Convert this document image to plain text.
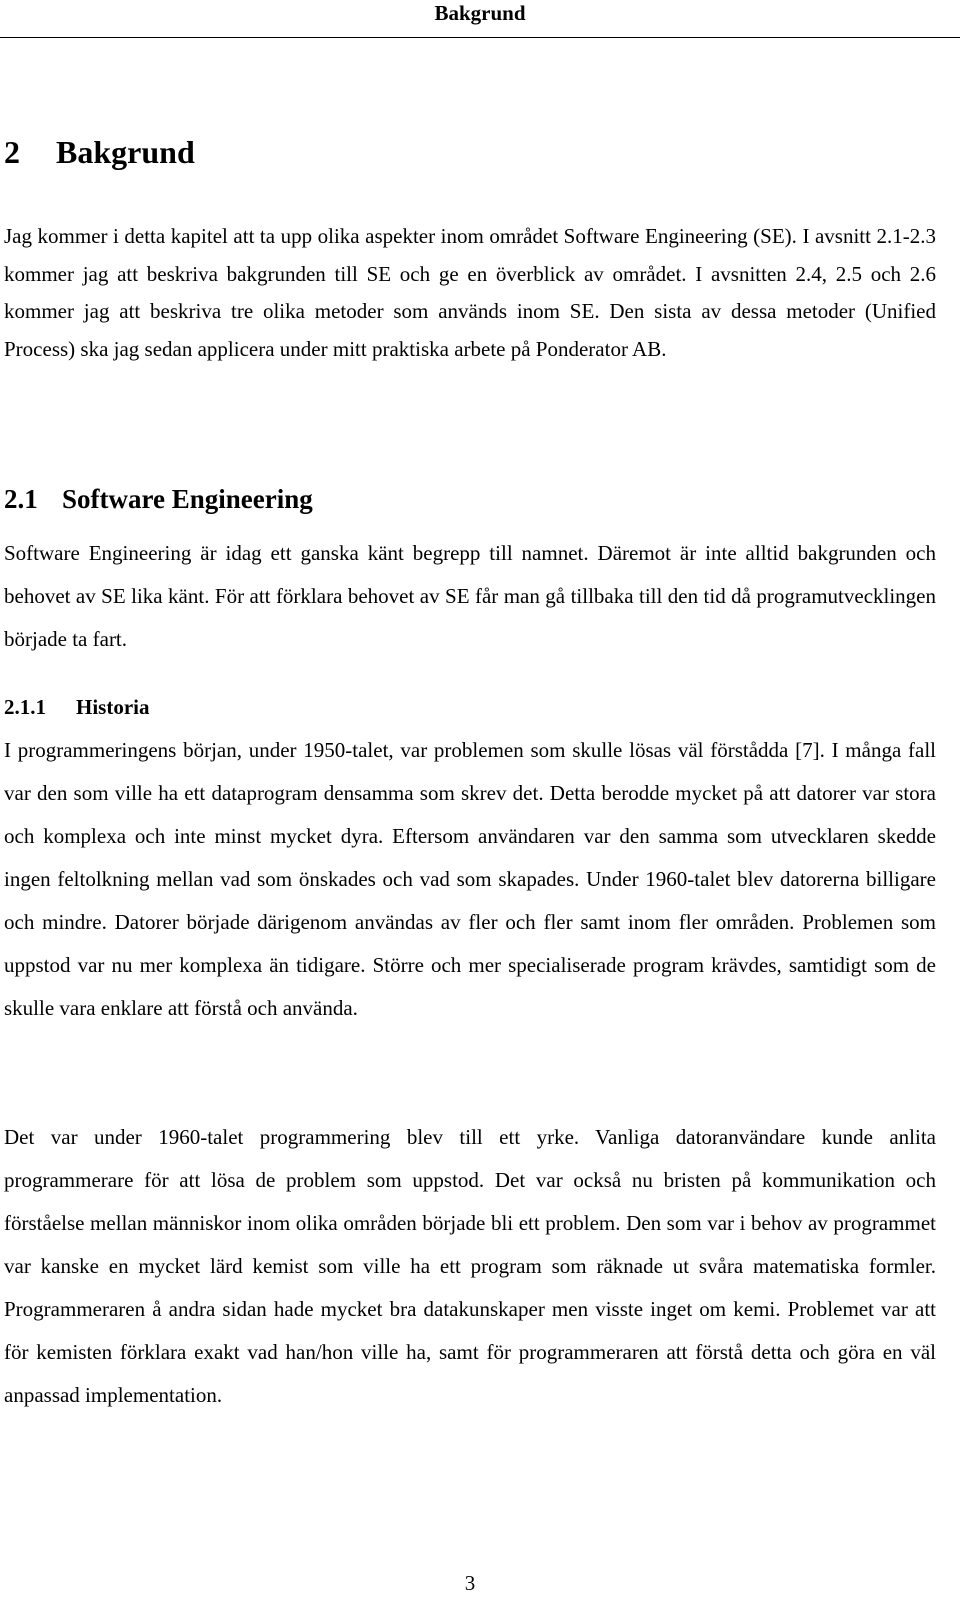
Bakgrund
2 Bakgrund

Jag kommer i detta kapitel att ta upp olika aspekter inom området Software Engineering (SE). I avsnitt 2.1-2.3 kommer jag att beskriva bakgrunden till SE och ge en överblick av området. I avsnitten 2.4, 2.5 och 2.6 kommer jag att beskriva tre olika metoder som används inom SE. Den sista av dessa metoder (Unified Process) ska jag sedan applicera under mitt praktiska arbete på Ponderator AB.

2.1 Software Engineering

Software Engineering är idag ett ganska känt begrepp till namnet. Däremot är inte alltid bakgrunden och behovet av SE lika känt. För att förklara behovet av SE får man gå tillbaka till den tid då programutvecklingen började ta fart.

2.1.1 Historia

I programmeringens början, under 1950-talet, var problemen som skulle lösas väl förstådda [7]. I många fall var den som ville ha ett dataprogram densamma som skrev det. Detta berodde mycket på att datorer var stora och komplexa och inte minst mycket dyra. Eftersom användaren var den samma som utvecklaren skedde ingen feltolkning mellan vad som önskades och vad som skapades. Under 1960-talet blev datorerna billigare och mindre. Datorer började därigenom användas av fler och fler samt inom fler områden. Problemen som uppstod var nu mer komplexa än tidigare. Större och mer specialiserade program krävdes, samtidigt som de skulle vara enklare att förstå och använda.

Det var under 1960-talet programmering blev till ett yrke. Vanliga datoranvändare kunde anlita programmerare för att lösa de problem som uppstod. Det var också nu bristen på kommunikation och förståelse mellan människor inom olika områden började bli ett problem. Den som var i behov av programmet var kanske en mycket lärd kemist som ville ha ett program som räknade ut svåra matematiska formler. Programmeraren å andra sidan hade mycket bra datakunskaper men visste inget om kemi. Problemet var att för kemisten förklara exakt vad han/hon ville ha, samt för programmeraren att förstå detta och göra en väl anpassad implementation.

3
